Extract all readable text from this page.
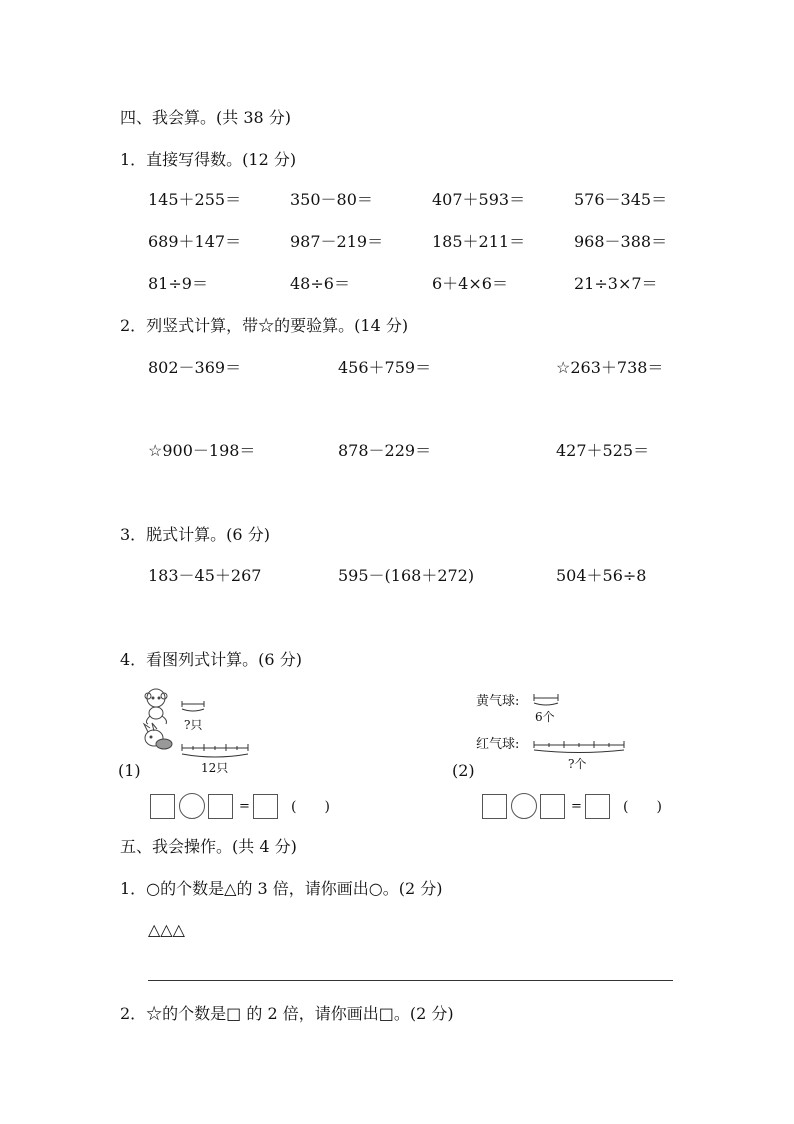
四、我会算。(共 38 分)
1．直接写得数。(12 分)
145＋255＝	350－80＝	407＋593＝	576－345＝
689＋147＝	987－219＝	185＋211＝	968－388＝
81÷9＝	48÷6＝	6＋4×6＝	21÷3×7＝
2．列竖式计算，带☆的要验算。(14 分)
802－369＝	456＋759＝	☆263＋738＝
☆900－198＝	878－229＝	427＋525＝
3．脱式计算。(6 分)
183－45＋267	595－(168＋272)	504＋56÷8
4．看图列式计算。(6 分)
?只
12只
(1)
=	(　　)
黄气球:
6个
红气球:
?个
(2)
=	(　　)
五、我会操作。(共 4 分)
1．○的个数是△的 3 倍，请你画出○。(2 分)
△△△
2．☆的个数是□ 的 2 倍，请你画出□。(2 分)
